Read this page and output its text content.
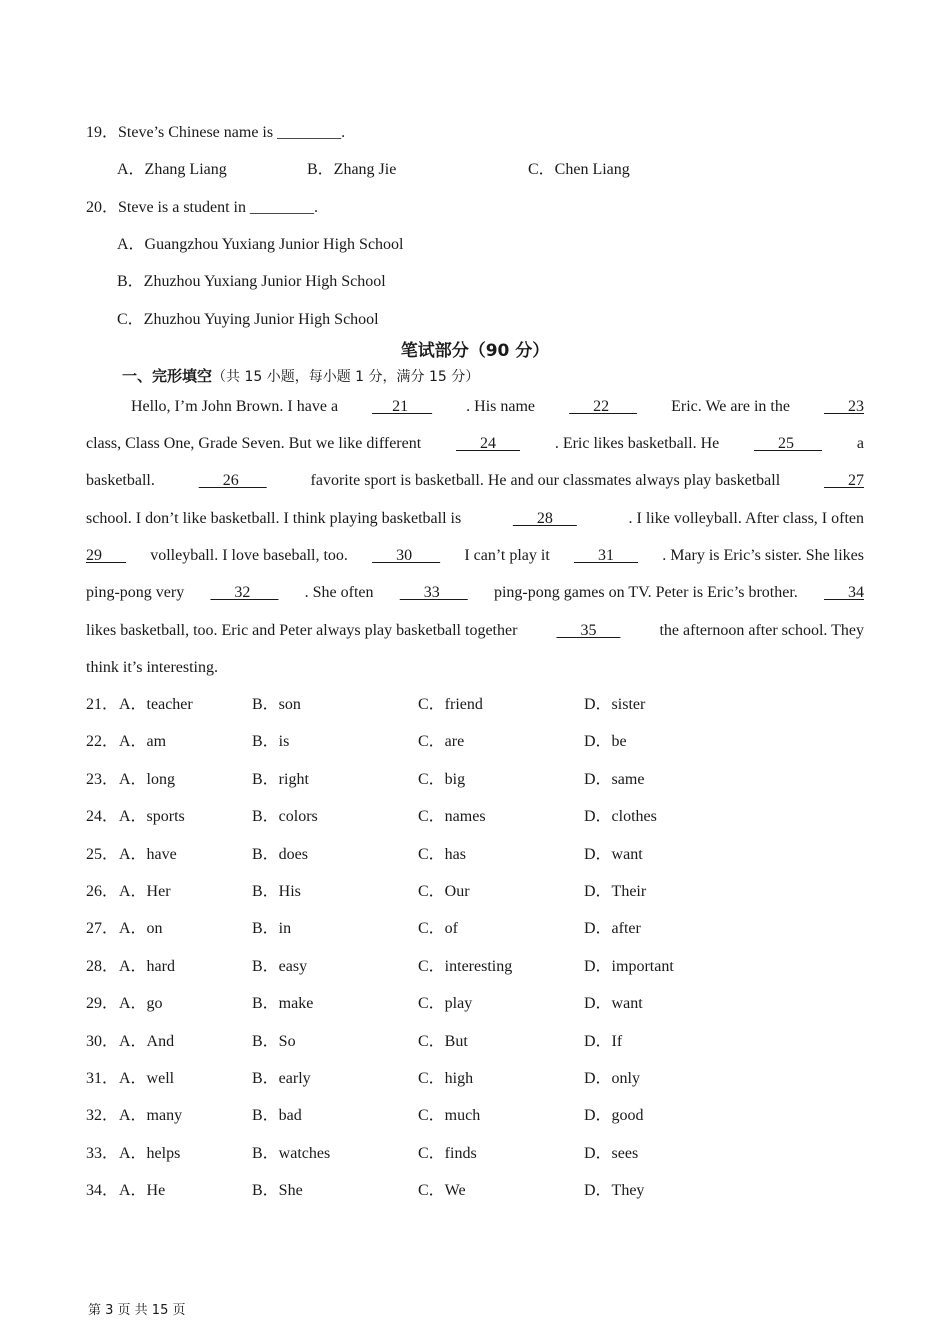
19．Steve’s Chinese name is ________.
A．Zhang Liang	B．Zhang Jie	C．Chen Liang
20．Steve is a student in ________.
A．Guangzhou Yuxiang Junior High School
B．Zhuzhou Yuxiang Junior High School
C．Zhuzhou Yuying Junior High School
笔试部分（90 分）
一、完形填空（共 15 小题，每小题 1 分，满分 15 分）
Hello, I’m John Brown. I have a 21 . His name 22 Eric. We are in the 23
class, Class One, Grade Seven. But we like different 24 . Eric likes basketball. He 25 a
basketball.	26	favorite sport is basketball. He and our classmates always play basketball	27
school. I don’t like basketball. I think playing basketball is	28	. I like volleyball. After class, I often
29 volleyball. I love baseball, too. 30 I can’t play it 31 . Mary is Eric’s sister. She likes
ping-pong very 32 . She often 33 ping-pong games on TV. Peter is Eric’s brother. 34
likes basketball, too. Eric and Peter always play basketball together 35 the afternoon after school. They
think it’s interesting.
21． A．teacher	B．son	C．friend	D．sister
22． A．am	B．is	C．are	D．be
23． A．long	B．right	C．big	D．same
24． A．sports	B．colors	C．names	D．clothes
25． A．have	B．does	C．has	D．want
26． A．Her	B．His	C．Our	D．Their
27． A．on	B．in	C．of	D．after
28． A．hard	B．easy	C．interesting	D．important
29． A．go	B．make	C．play	D．want
30． A．And	B．So	C．But	D．If
31． A．well	B．early	C．high	D．only
32． A．many	B．bad	C．much	D．good
33． A．helps	B．watches	C．finds	D．sees
34． A．He	B．She	C．We	D．They
第 3 页 共 15 页
